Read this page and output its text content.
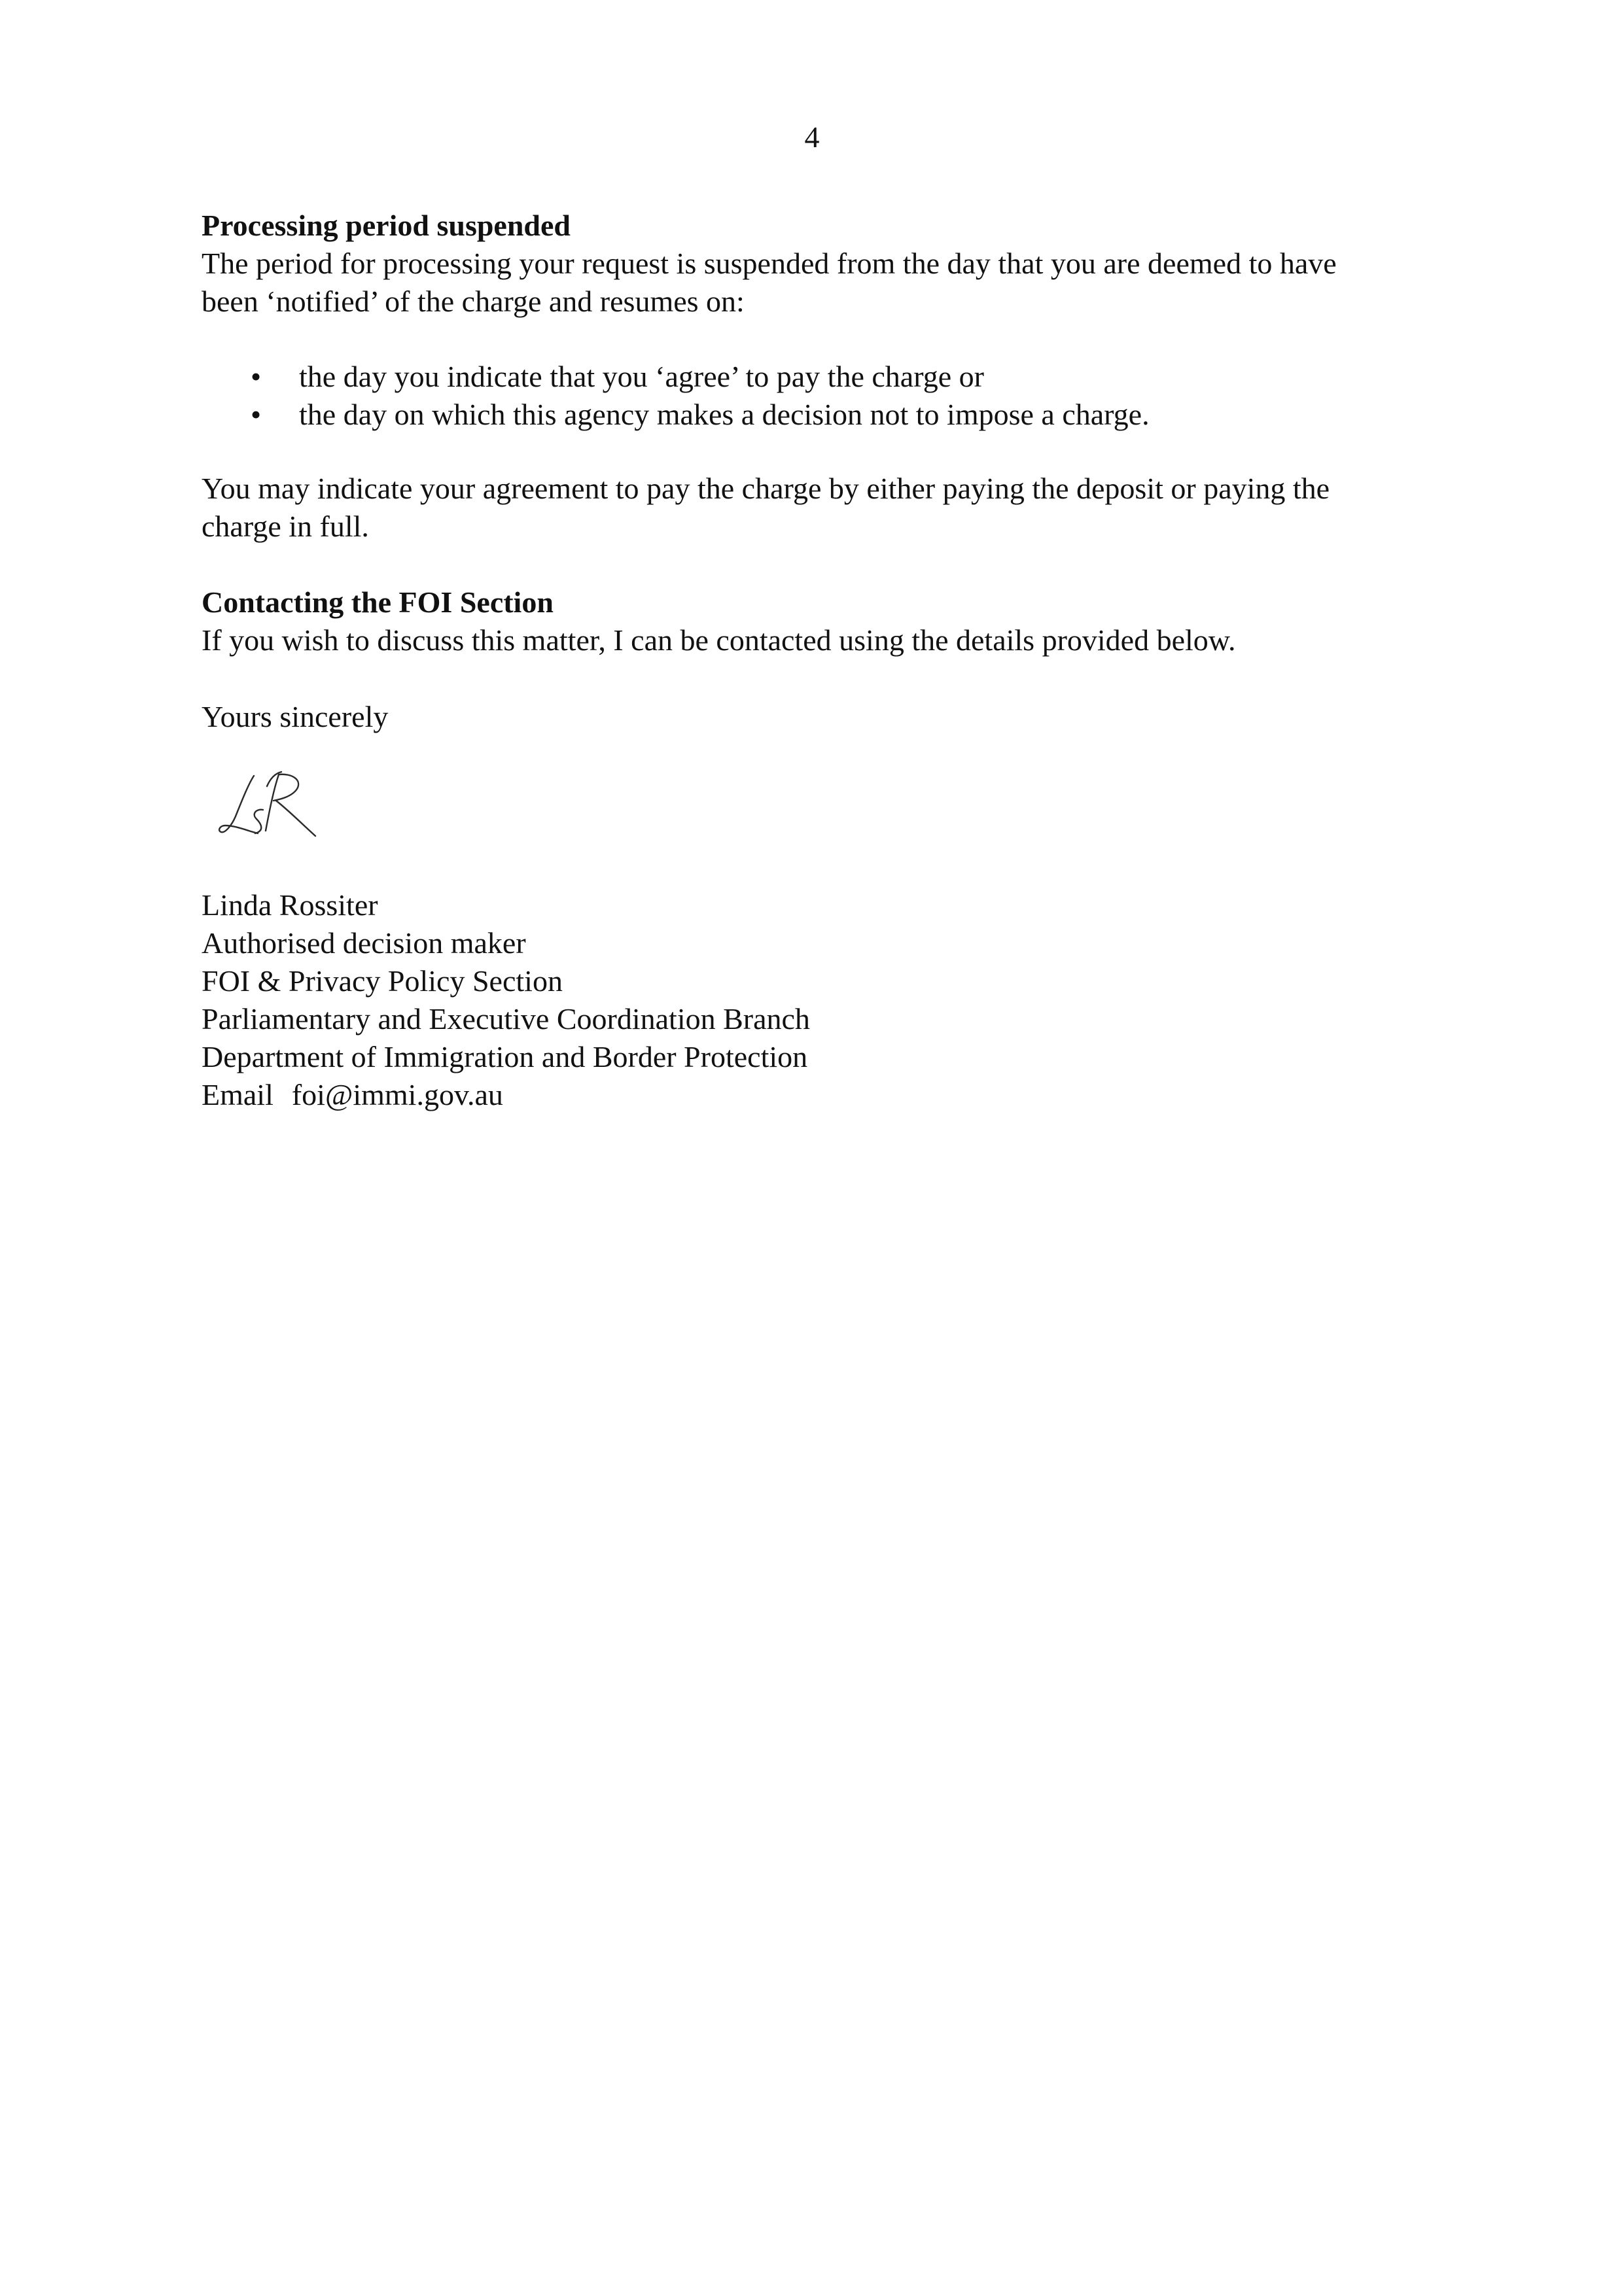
4

Processing period suspended

The period for processing your request is suspended from the day that you are deemed to have

been ‘notified’ of the charge and resumes on:

• the day you indicate that you ‘agree’ to pay the charge or
• the day on which this agency makes a decision not to impose a charge.

You may indicate your agreement to pay the charge by either paying the deposit or paying the

charge in full.

Contacting the FOI Section

If you wish to discuss this matter, I can be contacted using the details provided below.

Yours sincerely

Linda Rossiter

Authorised decision maker

FOI & Privacy Policy Section

Parliamentary and Executive Coordination Branch

Department of Immigration and Border Protection

Email foi@immi.gov.au
